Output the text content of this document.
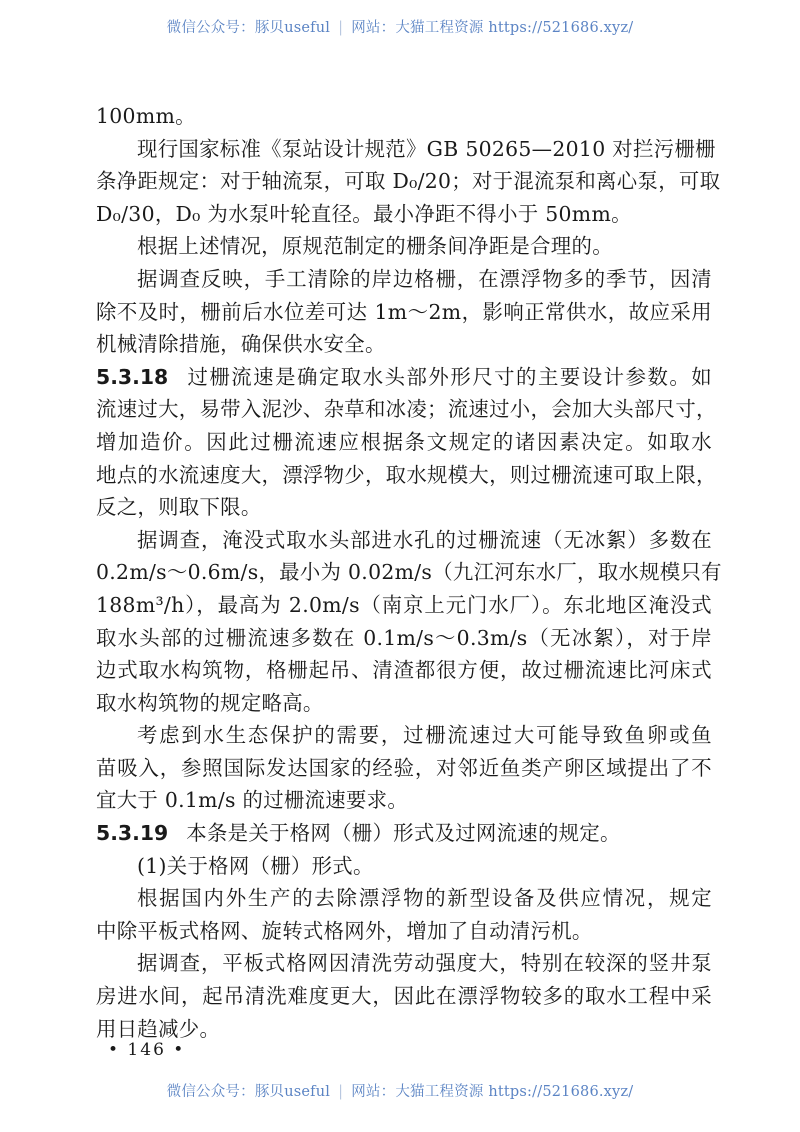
微信公众号：豚贝useful | 网站：大猫工程资源 https://521686.xyz/
100mm。
现行国家标准《泵站设计规范》GB 50265—2010 对拦污栅栅
条净距规定：对于轴流泵，可取 D₀/20；对于混流泵和离心泵，可取
D₀/30，D₀ 为水泵叶轮直径。最小净距不得小于 50mm。
根据上述情况，原规范制定的栅条间净距是合理的。
据调查反映，手工清除的岸边格栅，在漂浮物多的季节，因清
除不及时，栅前后水位差可达 1m～2m，影响正常供水，故应采用
机械清除措施，确保供水安全。
5.3.18 过栅流速是确定取水头部外形尺寸的主要设计参数。如
流速过大，易带入泥沙、杂草和冰凌；流速过小，会加大头部尺寸，
增加造价。因此过栅流速应根据条文规定的诸因素决定。如取水
地点的水流速度大，漂浮物少，取水规模大，则过栅流速可取上限，
反之，则取下限。
据调查，淹没式取水头部进水孔的过栅流速（无冰絮）多数在
0.2m/s～0.6m/s，最小为 0.02m/s（九江河东水厂，取水规模只有
188m³/h），最高为 2.0m/s（南京上元门水厂）。东北地区淹没式
取水头部的过栅流速多数在 0.1m/s～0.3m/s（无冰絮），对于岸
边式取水构筑物，格栅起吊、清渣都很方便，故过栅流速比河床式
取水构筑物的规定略高。
考虑到水生态保护的需要，过栅流速过大可能导致鱼卵或鱼
苗吸入，参照国际发达国家的经验，对邻近鱼类产卵区域提出了不
宜大于 0.1m/s 的过栅流速要求。
5.3.19 本条是关于格网（栅）形式及过网流速的规定。
(1)关于格网（栅）形式。
根据国内外生产的去除漂浮物的新型设备及供应情况，规定
中除平板式格网、旋转式格网外，增加了自动清污机。
据调查，平板式格网因清洗劳动强度大，特别在较深的竖井泵
房进水间，起吊清洗难度更大，因此在漂浮物较多的取水工程中采
用日趋减少。
• 146 •
微信公众号：豚贝useful | 网站：大猫工程资源 https://521686.xyz/
